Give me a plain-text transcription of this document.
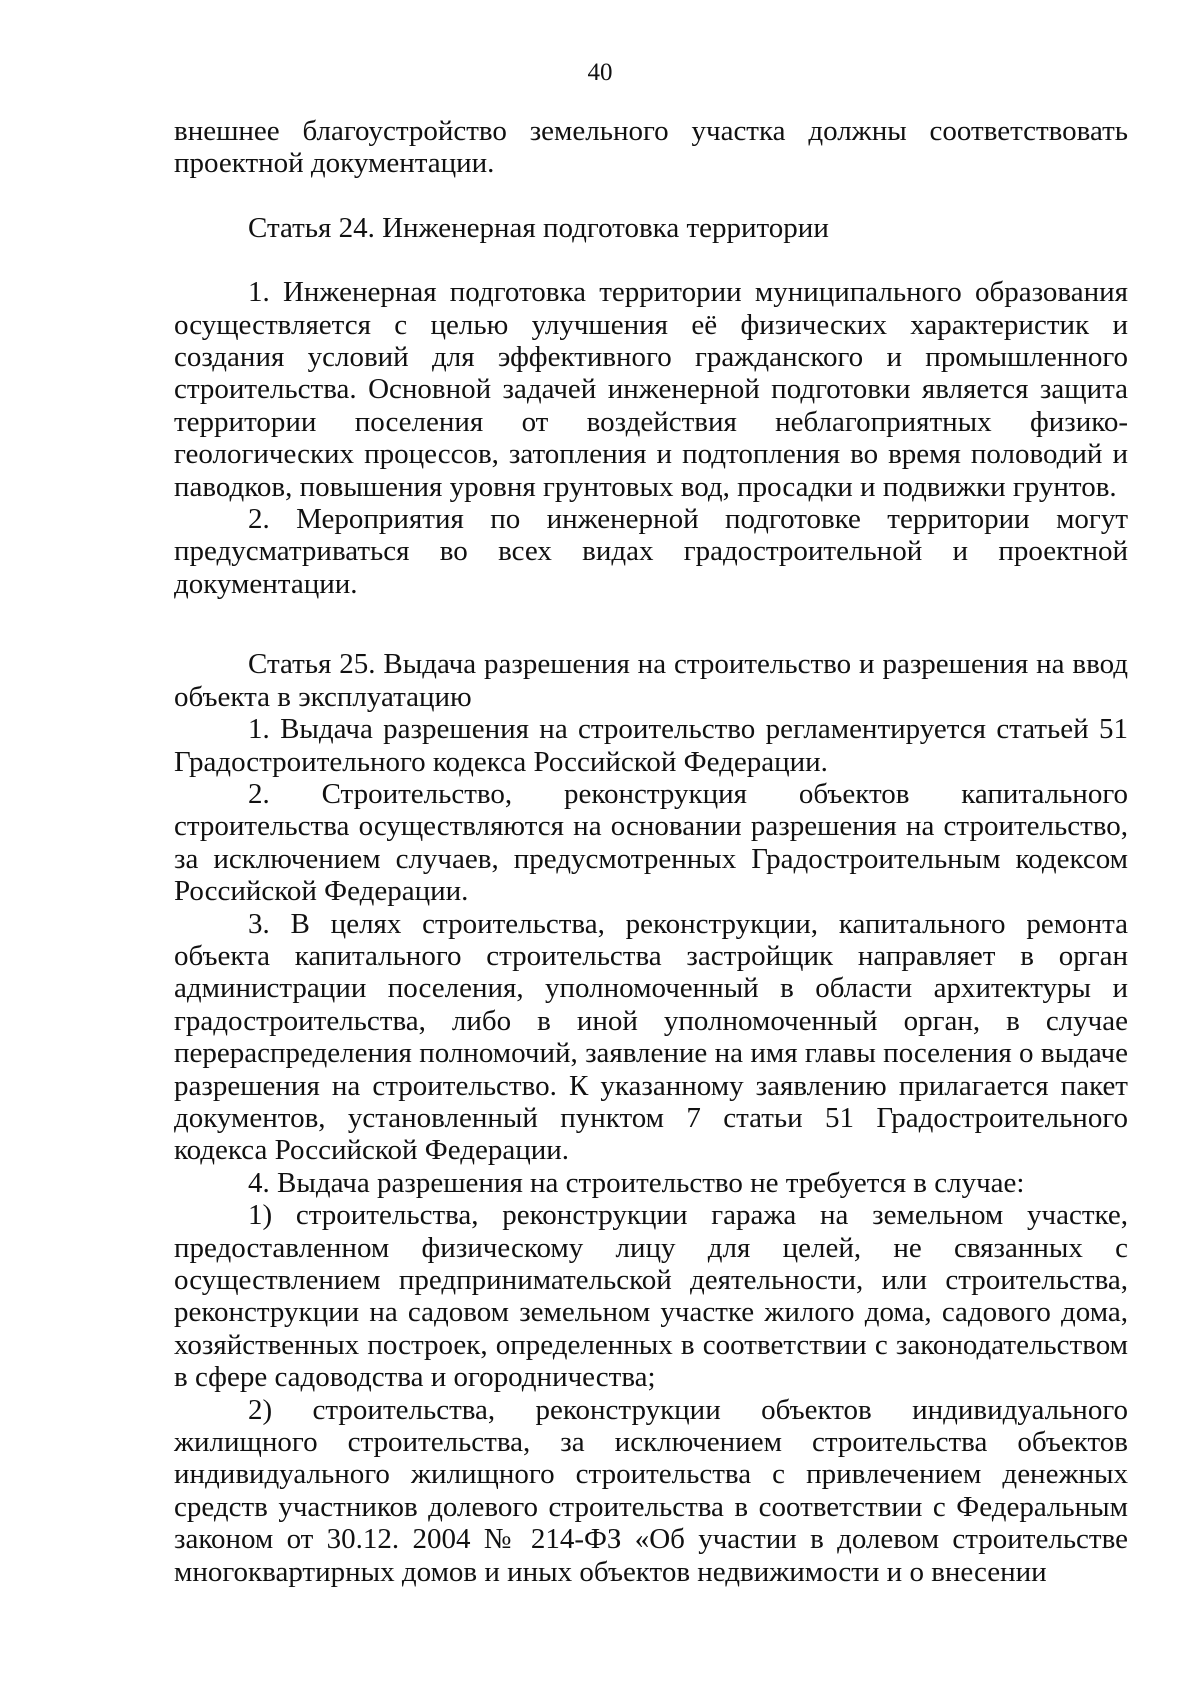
40

внешнее благоустройство земельного участка должны соответствовать проектной документации.

Статья 24. Инженерная подготовка территории

1. Инженерная подготовка территории муниципального образования осуществляется с целью улучшения её физических характеристик и создания условий для эффективного гражданского и промышленного строительства. Основной задачей инженерной подготовки является защита территории поселения от воздействия неблагоприятных физико-геологических процессов, затопления и подтопления во время половодий и паводков, повышения уровня грунтовых вод, просадки и подвижки грунтов.

2. Мероприятия по инженерной подготовке территории могут предусматриваться во всех видах градостроительной и проектной документации.

Статья 25. Выдача разрешения на строительство и разрешения на ввод объекта в эксплуатацию

1. Выдача разрешения на строительство регламентируется статьей 51 Градостроительного кодекса Российской Федерации.

2. Строительство, реконструкция объектов капитального строительства осуществляются на основании разрешения на строительство, за исключением случаев, предусмотренных Градостроительным кодексом Российской Федерации.

3. В целях строительства, реконструкции, капитального ремонта объекта капитального строительства застройщик направляет в орган администрации поселения, уполномоченный в области архитектуры и градостроительства, либо в иной уполномоченный орган, в случае перераспределения полномочий, заявление на имя главы поселения о выдаче разрешения на строительство. К указанному заявлению прилагается пакет документов, установленный пунктом 7 статьи 51 Градостроительного кодекса Российской Федерации.

4. Выдача разрешения на строительство не требуется в случае:

1) строительства, реконструкции гаража на земельном участке, предоставленном физическому лицу для целей, не связанных с осуществлением предпринимательской деятельности, или строительства, реконструкции на садовом земельном участке жилого дома, садового дома, хозяйственных построек, определенных в соответствии с законодательством в сфере садоводства и огородничества;

2) строительства, реконструкции объектов индивидуального жилищного строительства, за исключением строительства объектов индивидуального жилищного строительства с привлечением денежных средств участников долевого строительства в соответствии с Федеральным законом от 30.12. 2004 № 214-ФЗ «Об участии в долевом строительстве многоквартирных домов и иных объектов недвижимости и о внесении
